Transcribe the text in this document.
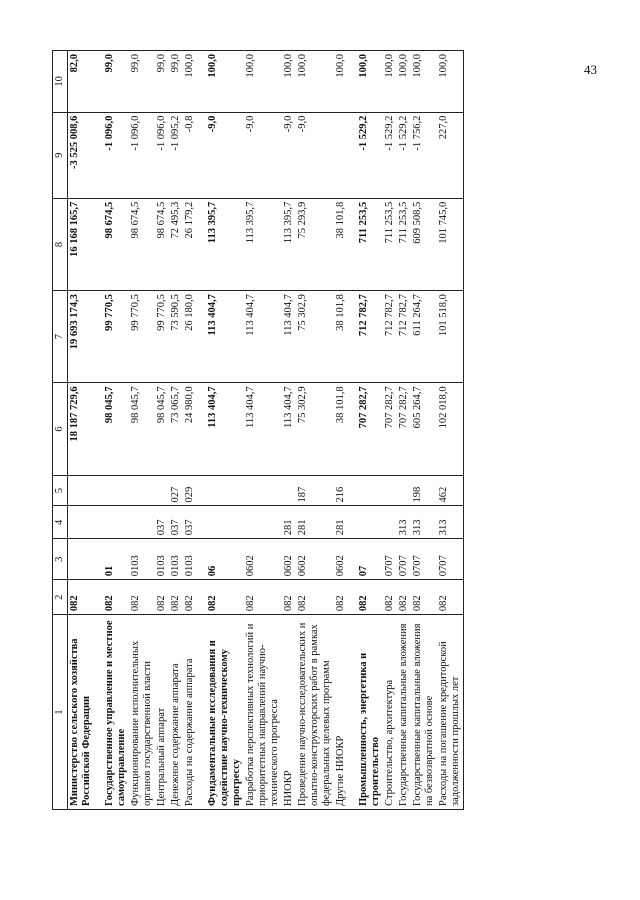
43
1	2	3	4	5	6	7	8	9	10
Министерство сельского хозяйства Российской Федерации	082				18 187 729,6	19 693 174,3	16 168 165,7	-3 525 008,6	82,0
Государственное управление и местное самоуправление	082	01			98 045,7	99 770,5	98 674,5	-1 096,0	99,0
Функционирование исполнительных органов государственной власти	082	0103			98 045,7	99 770,5	98 674,5	-1 096,0	99,0
Центральный аппарат	082	0103	037		98 045,7	99 770,5	98 674,5	-1 096,0	99,0
Денежное содержание аппарата	082	0103	037	027	73 065,7	73 590,5	72 495,3	-1 095,2	99,0
Расходы на содержание аппарата	082	0103	037	029	24 980,0	26 180,0	26 179,2	-0,8	100,0
Фундаментальные исследования и содействие научно-техническому прогрессу	082	06			113 404,7	113 404,7	113 395,7	-9,0	100,0
Разработка перспективных технологий и приоритетных направлений научно-технического прогресса	082	0602			113 404,7	113 404,7	113 395,7	-9,0	100,0
НИОКР	082	0602	281		113 404,7	113 404,7	113 395,7	-9,0	100,0
Проведение научно-исследовательских и опытно-конструкторских работ в рамках федеральных целевых программ	082	0602	281	187	75 302,9	75 302,9	75 293,9	-9,0	100,0
Другие НИОКР	082	0602	281	216	38 101,8	38 101,8	38 101,8		100,0
Промышленность, энергетика и строительство	082	07			707 282,7	712 782,7	711 253,5	-1 529,2	100,0
Строительство, архитектура	082	0707			707 282,7	712 782,7	711 253,5	-1 529,2	100,0
Государственные капитальные вложения	082	0707	313		707 282,7	712 782,7	711 253,5	-1 529,2	100,0
Государственные капитальные вложения на безвозвратной основе	082	0707	313	198	605 264,7	611 264,7	609 508,5	-1 756,2	100,0
Расходы на погашение кредиторской задолженности прошлых лет	082	0707	313	462	102 018,0	101 518,0	101 745,0	227,0	100,0
